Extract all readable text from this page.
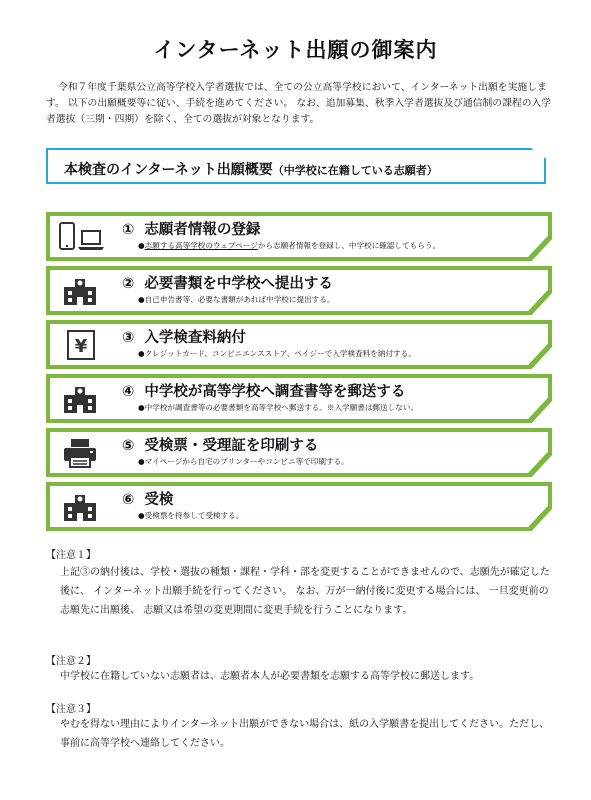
インターネット出願の御案内
令和７年度千葉県公立高等学校入学者選抜では、全ての公立高等学校において、インターネット出願を実施します。 以下の出願概要等に従い、手続を進めてください。 なお、追加募集、秋季入学者選抜及び通信制の課程の入学者選抜（三期・四期）を除く、全ての選抜が対象となります。
本検査のインターネット出願概要（中学校に在籍している志願者）
① 志願者情報の登録
●志願する高等学校のウェブページから志願者情報を登録し、中学校に確認してもらう。
② 必要書類を中学校へ提出する
●自己申告書等、必要な書類があれば中学校に提出する。
¥ ③ 入学検査料納付
●クレジットカード、コンビニエンスストア、ペイジーで入学検査料を納付する。
④ 中学校が高等学校へ調査書等を郵送する
●中学校が調査書等の必要書類を高等学校へ郵送する。※入学願書は郵送しない。
⑤ 受検票・受理証を印刷する
●マイページから自宅のプリンターやコンビニ等で印刷する。
⑥ 受検
●受検票を持参して受検する。
【注意１】
上記③の納付後は、学校・選抜の種類・課程・学科・部を変更することができませんので、志願先が確定した後に、 インターネット出願手続を行ってください。 なお、万が一納付後に変更する場合には、 一旦変更前の志願先に出願後、 志願又は希望の変更期間に変更手続を行うことになります。
【注意２】
中学校に在籍していない志願者は、志願者本人が必要書類を志願する高等学校に郵送します。
【注意３】
やむを得ない理由によりインターネット出願ができない場合は、紙の入学願書を提出してください。ただし、事前に高等学校へ連絡してください。
